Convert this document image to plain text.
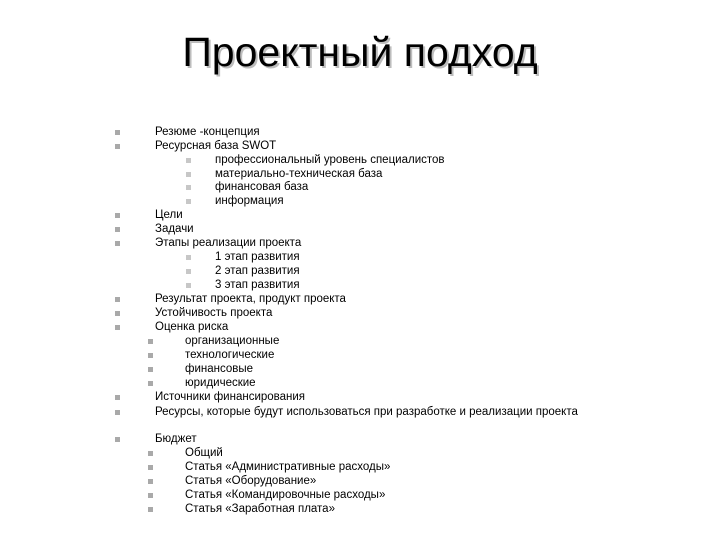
Проектный подход
Резюме -концепция
Ресурсная база SWOT
профессиональный уровень специалистов
материально-техническая база
финансовая база
информация
Цели
Задачи
Этапы реализации проекта
1 этап развития
2 этап развития
3 этап развития
Результат проекта, продукт проекта
Устойчивость проекта
Оценка риска
организационные
технологические
финансовые
юридические
Источники финансирования
Ресурсы, которые будут использоваться при разработке и реализации проекта
Бюджет
Общий
Статья «Административные расходы»
Статья «Оборудование»
Статья «Командировочные расходы»
Статья «Заработная плата»
